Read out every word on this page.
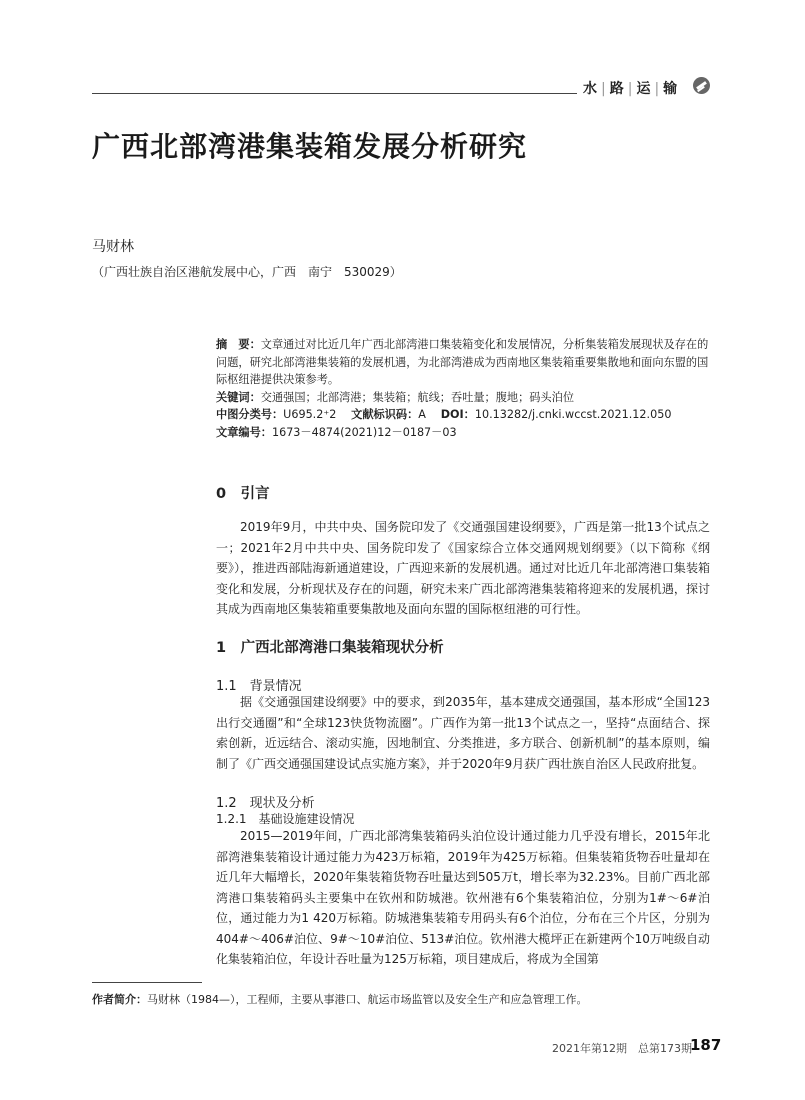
水 | 路 | 运 | 输
广西北部湾港集装箱发展分析研究
马财林
（广西壮族自治区港航发展中心，广西　南宁　530029）

摘　要：文章通过对比近几年广西北部湾港口集装箱变化和发展情况，分析集装箱发展现状及存在的问题，研究北部湾港集装箱的发展机遇，为北部湾港成为西南地区集装箱重要集散地和面向东盟的国际枢纽港提供决策参考。

关键词：交通强国；北部湾港；集装箱；航线；吞吐量；腹地；码头泊位

中图分类号：U695.2⁺2　 文献标识码：A　 DOI：10.13282/j.cnki.wccst.2021.12.050

文章编号：1673－4874(2021)12－0187－03

0　引言

2019年9月，中共中央、国务院印发了《交通强国建设纲要》，广西是第一批13个试点之一；2021年2月中共中央、国务院印发了《国家综合立体交通网规划纲要》（以下简称《纲要》），推进西部陆海新通道建设，广西迎来新的发展机遇。通过对比近几年北部湾港口集装箱变化和发展，分析现状及存在的问题，研究未来广西北部湾港集装箱将迎来的发展机遇，探讨其成为西南地区集装箱重要集散地及面向东盟的国际枢纽港的可行性。

1　广西北部湾港口集装箱现状分析
1.1　背景情况

据《交通强国建设纲要》中的要求，到2035年，基本建成交通强国，基本形成“全国123出行交通圈”和“全球123快货物流圈”。广西作为第一批13个试点之一，坚持“点面结合、探索创新，近远结合、滚动实施，因地制宜、分类推进，多方联合、创新机制”的基本原则，编制了《广西交通强国建设试点实施方案》，并于2020年9月获广西壮族自治区人民政府批复。

1.2　现状及分析
1.2.1　基础设施建设情况

2015—2019年间，广西北部湾集装箱码头泊位设计通过能力几乎没有增长，2015年北部湾港集装箱设计通过能力为423万标箱，2019年为425万标箱。但集装箱货物吞吐量却在近几年大幅增长，2020年集装箱货物吞吐量达到505万t，增长率为32.23%。目前广西北部湾港口集装箱码头主要集中在钦州和防城港。钦州港有6个集装箱泊位，分别为1#～6#泊位，通过能力为1 420万标箱。防城港集装箱专用码头有6个泊位，分布在三个片区，分别为404#～406#泊位、9#～10#泊位、513#泊位。钦州港大榄坪正在新建两个10万吨级自动化集装箱泊位，年设计吞吐量为125万标箱，项目建成后，将成为全国第

作者简介：马财林（1984—），工程师，主要从事港口、航运市场监管以及安全生产和应急管理工作。
2021年第12期　总第173期
187
